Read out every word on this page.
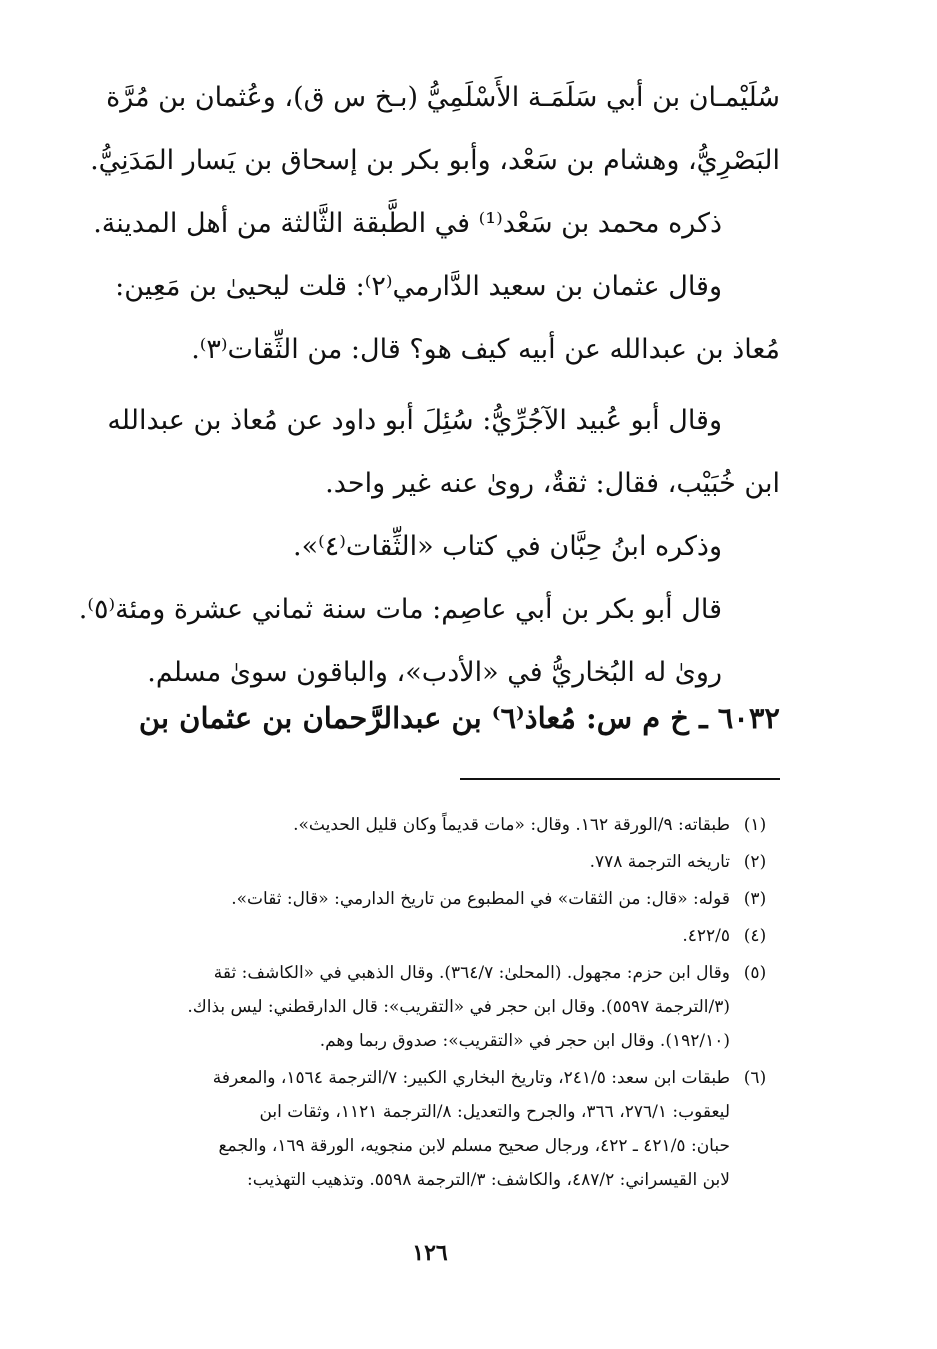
سُلَيْمـان بن أبي سَلَمَـة الأَسْلَمِيُّ (بـخ س ق)، وعُثمان بن مُرَّة
البَصْرِيُّ، وهشام بن سَعْد، وأبو بكر بن إسحاق بن يَسار المَدَنِيُّ.
ذكره محمد بن سَعْد⁽¹⁾ في الطَّبقة الثَّالثة من أهل المدينة.
وقال عثمان بن سعيد الدَّارمي⁽٢⁾: قلت ليحيىٰ بن مَعِين:
مُعاذ بن عبدالله عن أبيه كيف هو؟ قال: من الثِّقات⁽٣⁾.
وقال أبو عُبيد الآجُرِّيُّ: سُئِلَ أبو داود عن مُعاذ بن عبدالله
ابن خُبَيْب، فقال: ثقةٌ، روىٰ عنه غير واحد.
وذكره ابنُ حِبَّان في كتاب «الثِّقات⁽٤⁾».
قال أبو بكر بن أبي عاصِم: مات سنة ثماني عشرة ومئة⁽٥⁾.
روىٰ له البُخاريُّ في «الأدب»، والباقون سوىٰ مسلم.
٦٠٣٢ ـ خ م س: مُعاذ⁽٦⁾ بن عبدالرَّحمان بن عثمان بن
(١)
طبقاته: ٩/الورقة ١٦٢. وقال: «مات قديماً وكان قليل الحديث».
(٢)
تاريخه الترجمة ٧٧٨.
(٣)
قوله: «قال: من الثقات» في المطبوع من تاريخ الدارمي: «قال: ثقات».
(٤)
٤٢٢/٥.
(٥)
وقال ابن حزم: مجهول. (المحلىٰ: ٣٦٤/٧). وقال الذهبي في «الكاشف: ثقة
(٣/الترجمة ٥٥٩٧). وقال ابن حجر في «التقريب»: قال الدارقطني: ليس بذاك.
(١٩٢/١٠). وقال ابن حجر في «التقريب»: صدوق ربما وهم.
(٦)
طبقات ابن سعد: ٢٤١/٥، وتاريخ البخاري الكبير: ٧/الترجمة ١٥٦٤، والمعرفة
ليعقوب: ٢٧٦/١، ٣٦٦، والجرح والتعديل: ٨/الترجمة ١١٢١، وثقات ابن
حبان: ٤٢١/٥ ـ ٤٢٢، ورجال صحيح مسلم لابن منجويه، الورقة ١٦٩، والجمع
لابن القيسراني: ٤٨٧/٢، والكاشف: ٣/الترجمة ٥٥٩٨. وتذهيب التهذيب:
١٢٦
